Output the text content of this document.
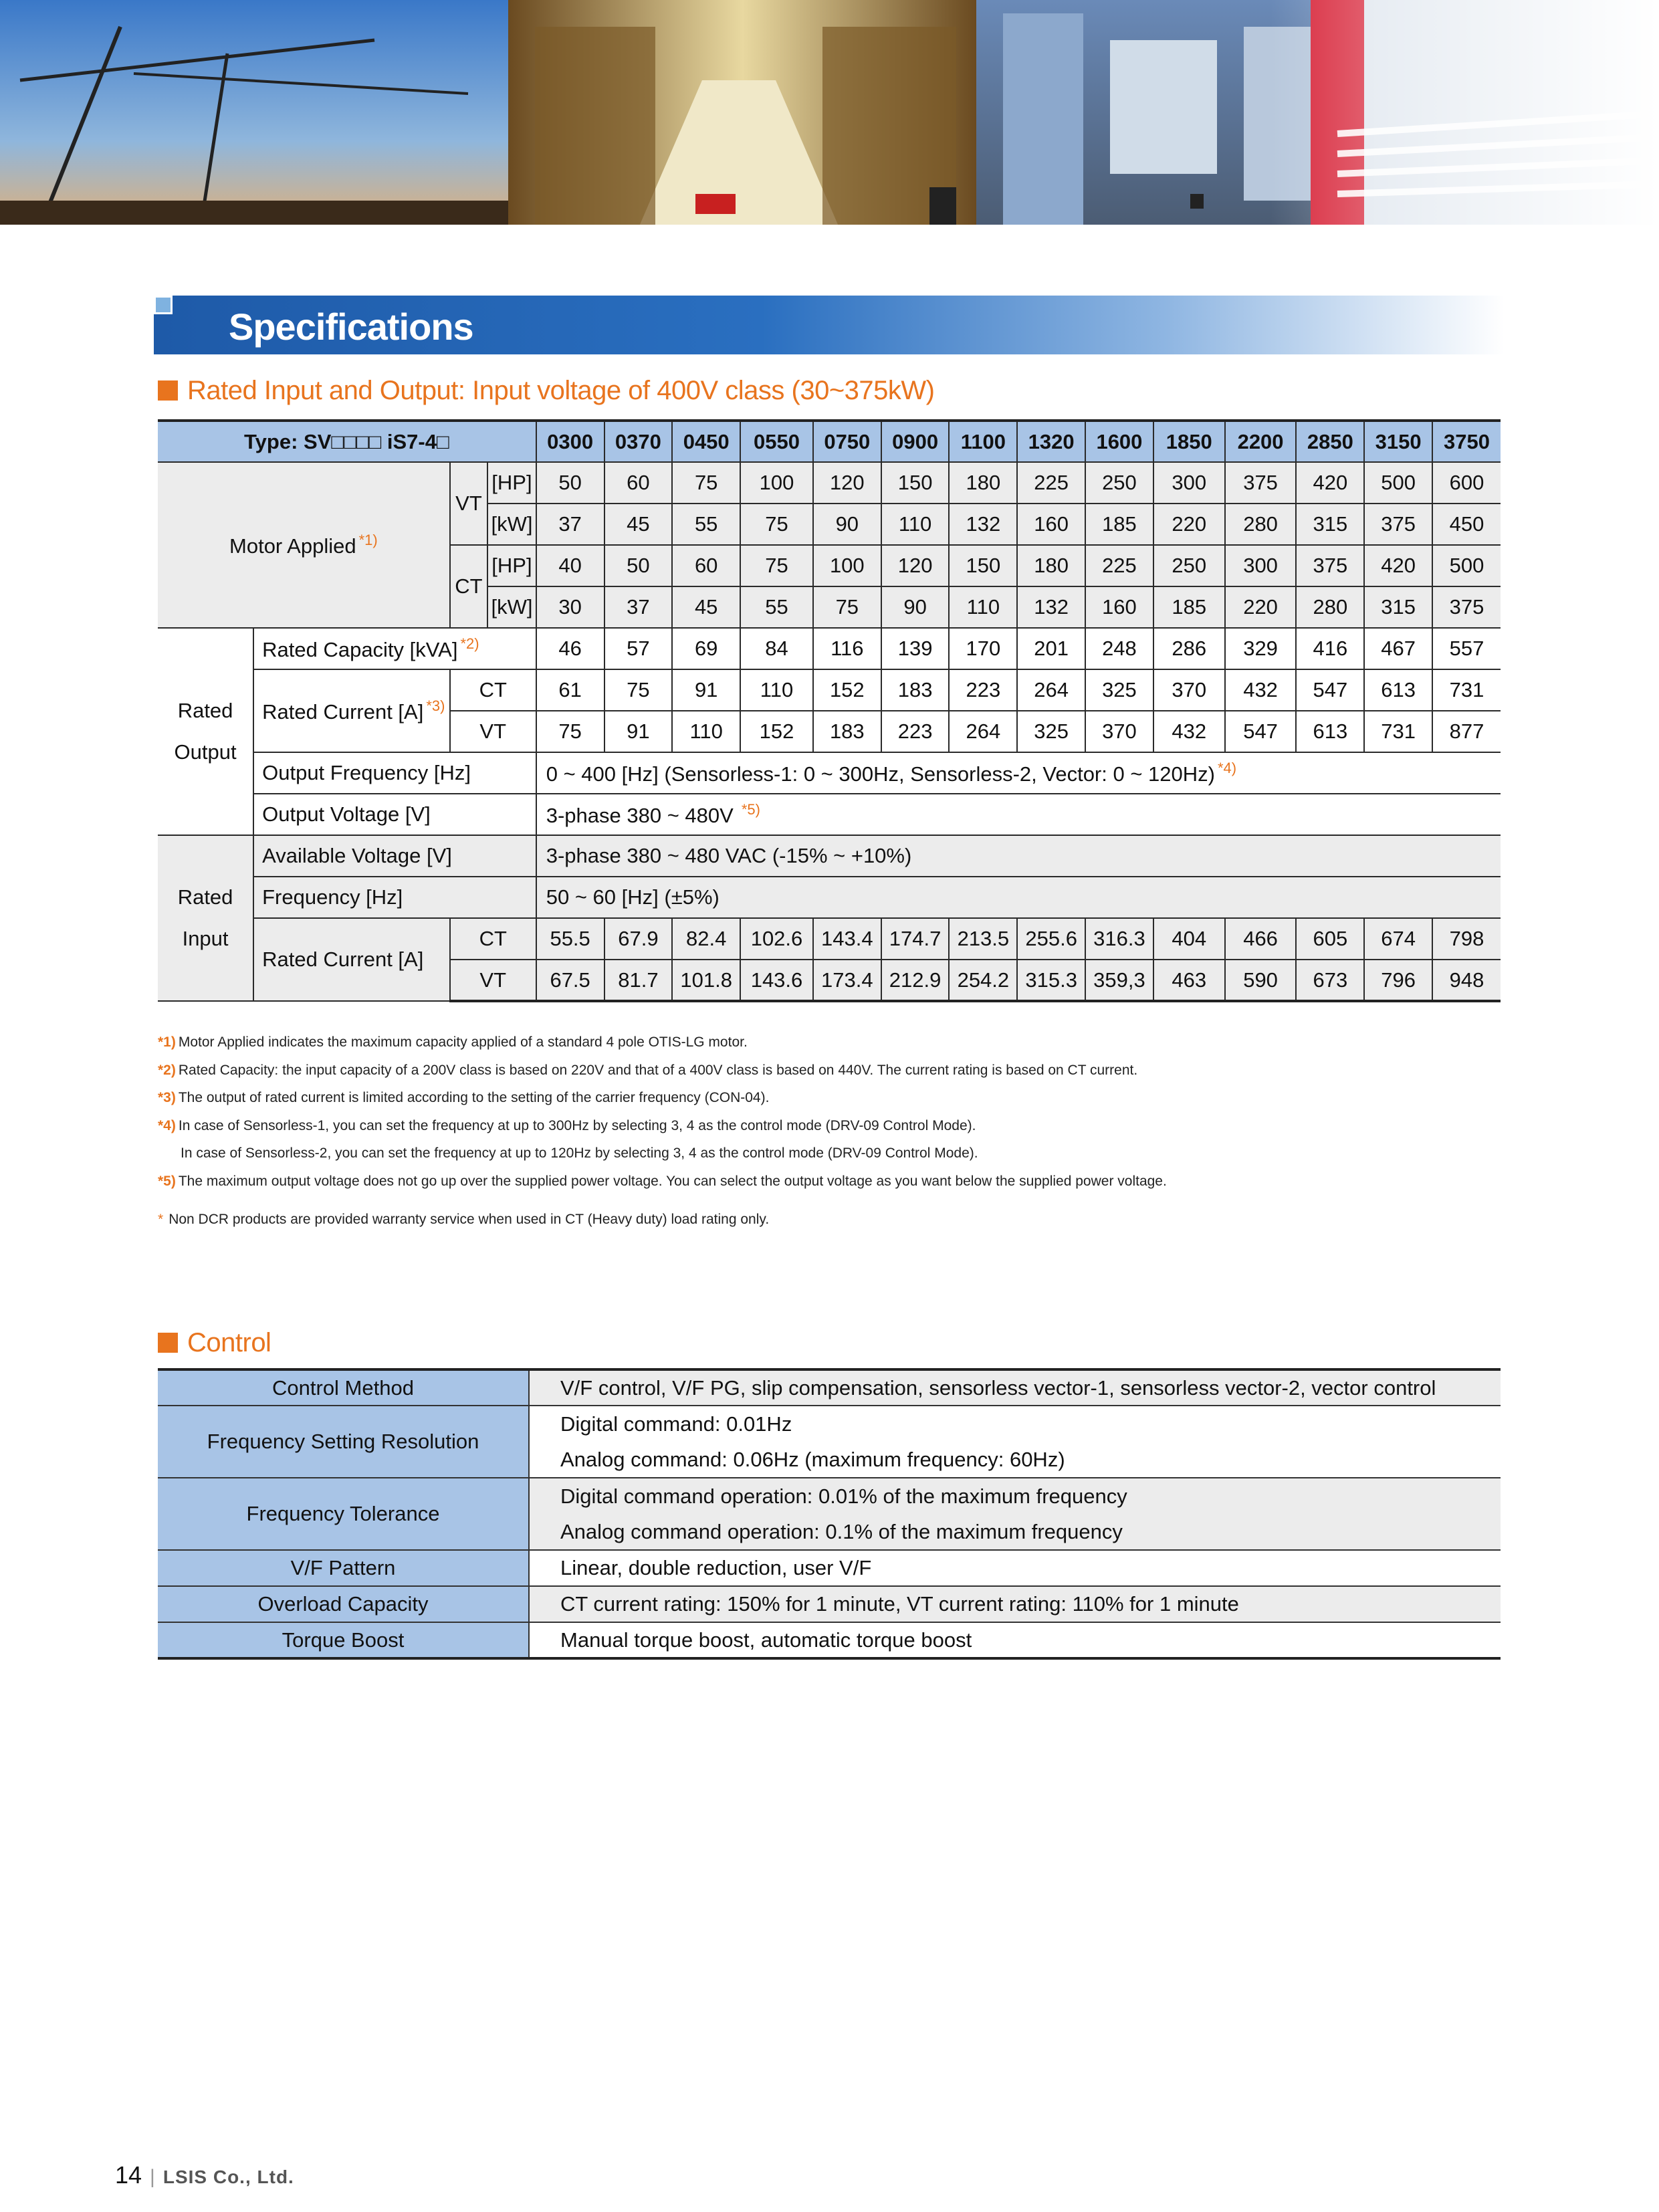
Specifications
Rated Input and Output: Input voltage of 400V class (30~375kW)
Type: SV□□□□ iS7-4□				0300	0370	0450	0550	0750	0900	1100	1320	1600	1850	2200	2850	3150	3750
Motor Applied $^{*1)}$		VT	[HP]	50	60	75	100	120	150	180	225	250	300	375	420	500	600
			[kW]	37	45	55	75	90	110	132	160	185	220	280	315	375	450
		CT	[HP]	40	50	60	75	100	120	150	180	225	250	300	375	420	500
			[kW]	30	37	45	55	75	90	110	132	160	185	220	280	315	375
Rated
Output	Rated Capacity [kVA] $^{*2)}$			46	57	69	84	116	139	170	201	248	286	329	416	467	557
	Rated Current [A] $^{*3)}$	CT		61	75	91	110	152	183	223	264	325	370	432	547	613	731
		VT		75	91	110	152	183	223	264	325	370	432	547	613	731	877
	Output Frequency [Hz]			0 ~ 400 [Hz] (Sensorless-1: 0 ~ 300Hz, Sensorless-2, Vector: 0 ~ 120Hz) $^{*4)}$
	Output Voltage [V]			3-phase 380 ~ 480V $^{*5)}$
Rated
Input	Available Voltage [V]			3-phase 380 ~ 480 VAC (-15% ~ +10%)													
	Frequency [Hz]			50 ~ 60 [Hz] (±5%)													
	Rated Current [A]	CT		55.5	67.9	82.4	102.6	143.4	174.7	213.5	255.6	316.3	404	466	605	674	798
		VT		67.5	81.7	101.8	143.6	173.4	212.9	254.2	315.3	359,3	463	590	673	796	948
*1) Motor Applied indicates the maximum capacity applied of a standard 4 pole OTIS-LG motor.
*2) Rated Capacity: the input capacity of a 200V class is based on 220V and that of a 400V class is based on 440V. The current rating is based on CT current.
*3) The output of rated current is limited according to the setting of the carrier frequency (CON-04).
*4) In case of Sensorless-1, you can set the frequency at up to 300Hz by selecting 3, 4 as the control mode (DRV-09 Control Mode).
In case of Sensorless-2, you can set the frequency at up to 120Hz by selecting 3, 4 as the control mode (DRV-09 Control Mode).
*5) The maximum output voltage does not go up over the supplied power voltage. You can select the output voltage as you want below the supplied power voltage.
* Non DCR products are provided warranty service when used in CT (Heavy duty) load rating only.
Control
Control Method	V/F control, V/F PG, slip compensation, sensorless vector-1, sensorless vector-2, vector control
Frequency Setting Resolution	Digital command: 0.01Hz
	Analog command: 0.06Hz (maximum frequency: 60Hz)
Frequency Tolerance	Digital command operation: 0.01% of the maximum frequency
	Analog command operation: 0.1% of the maximum frequency
V/F Pattern	Linear, double reduction, user V/F
Overload Capacity	CT current rating: 150% for 1 minute, VT current rating: 110% for 1 minute
Torque Boost	Manual torque boost, automatic torque boost
14 | LSIS Co., Ltd.
